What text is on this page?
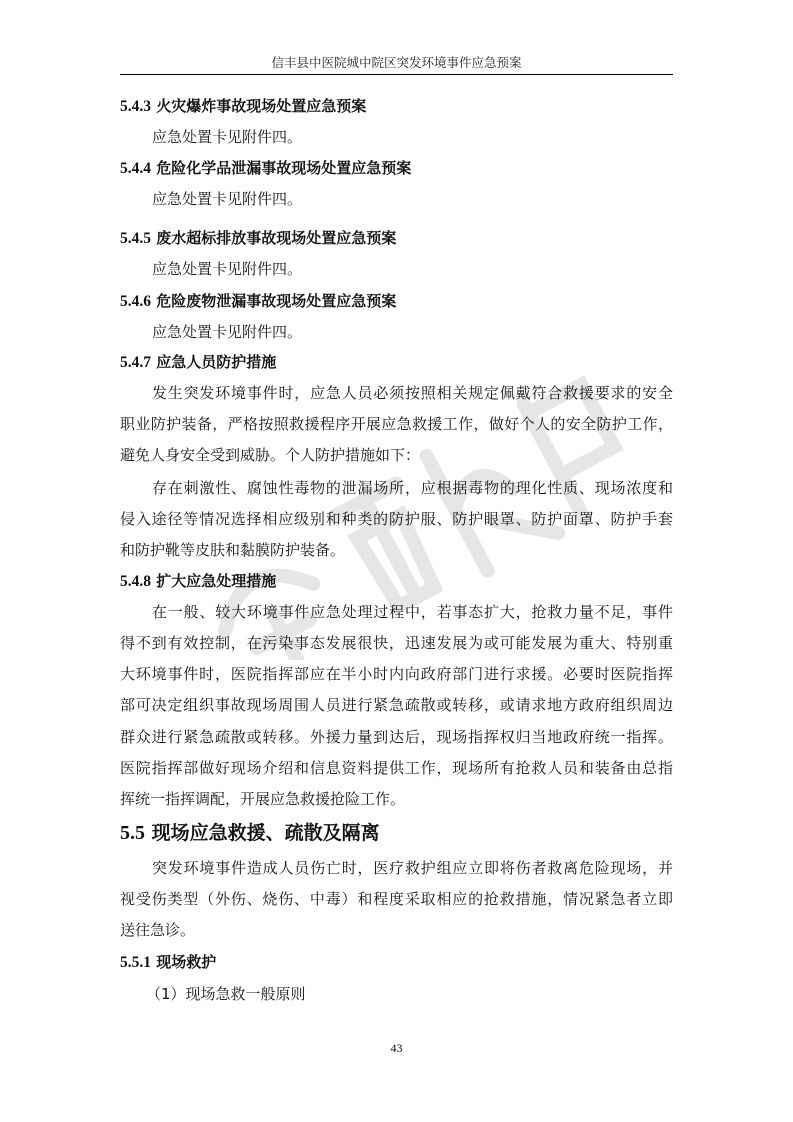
信丰县中医院城中院区突发环境事件应急预案
5.4.3 火灾爆炸事故现场处置应急预案
应急处置卡见附件四。
5.4.4 危险化学品泄漏事故现场处置应急预案
应急处置卡见附件四。
5.4.5 废水超标排放事故现场处置应急预案
应急处置卡见附件四。
5.4.6 危险废物泄漏事故现场处置应急预案
应急处置卡见附件四。
5.4.7 应急人员防护措施
发生突发环境事件时，应急人员必须按照相关规定佩戴符合救援要求的安全
职业防护装备，严格按照救援程序开展应急救援工作，做好个人的安全防护工作，
避免人身安全受到威胁。个人防护措施如下：
存在刺激性、腐蚀性毒物的泄漏场所，应根据毒物的理化性质、现场浓度和
侵入途径等情况选择相应级别和种类的防护服、防护眼罩、防护面罩、防护手套
和防护靴等皮肤和黏膜防护装备。
5.4.8 扩大应急处理措施
在一般、较大环境事件应急处理过程中，若事态扩大，抢救力量不足，事件
得不到有效控制，在污染事态发展很快，迅速发展为或可能发展为重大、特别重
大环境事件时，医院指挥部应在半小时内向政府部门进行求援。必要时医院指挥
部可决定组织事故现场周围人员进行紧急疏散或转移，或请求地方政府组织周边
群众进行紧急疏散或转移。外援力量到达后，现场指挥权归当地政府统一指挥。
医院指挥部做好现场介绍和信息资料提供工作，现场所有抢救人员和装备由总指
挥统一指挥调配，开展应急救援抢险工作。
5.5 现场应急救援、疏散及隔离
突发环境事件造成人员伤亡时，医疗救护组应立即将伤者救离危险现场，并
视受伤类型（外伤、烧伤、中毒）和程度采取相应的抢救措施，情况紧急者立即
送往急诊。
5.5.1 现场救护
（1）现场急救一般原则
43
